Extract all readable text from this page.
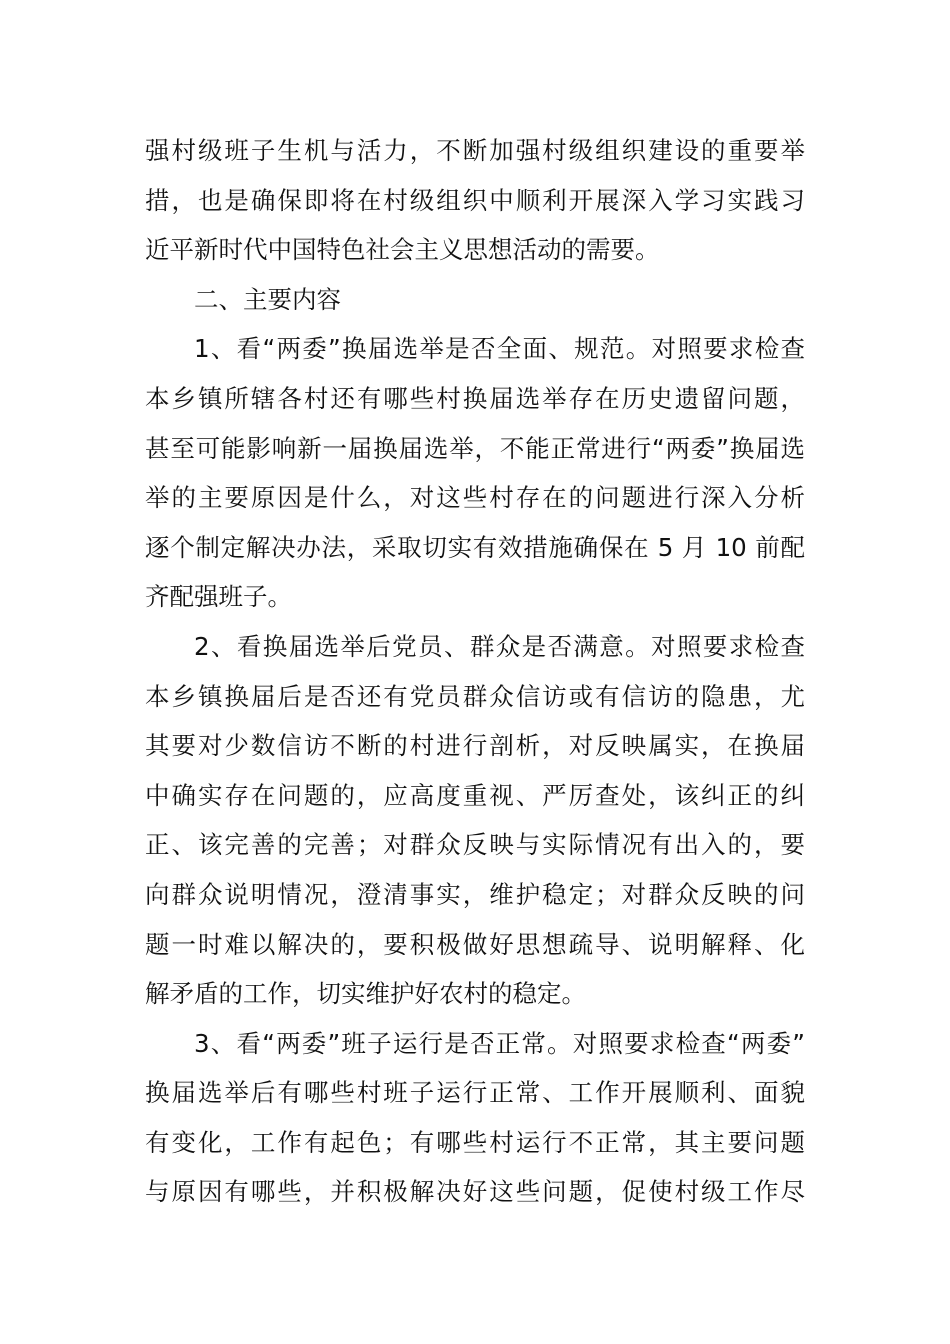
强村级班子生机与活力，不断加强村级组织建设的重要举
措，也是确保即将在村级组织中顺利开展深入学习实践习
近平新时代中国特色社会主义思想活动的需要。
二、主要内容
1、看“两委”换届选举是否全面、规范。对照要求检查
本乡镇所辖各村还有哪些村换届选举存在历史遗留问题，
甚至可能影响新一届换届选举，不能正常进行“两委”换届选
举的主要原因是什么，对这些村存在的问题进行深入分析
逐个制定解决办法，采取切实有效措施确保在 5 月 10 前配
齐配强班子。
2、看换届选举后党员、群众是否满意。对照要求检查
本乡镇换届后是否还有党员群众信访或有信访的隐患，尤
其要对少数信访不断的村进行剖析，对反映属实，在换届
中确实存在问题的，应高度重视、严厉查处，该纠正的纠
正、该完善的完善；对群众反映与实际情况有出入的，要
向群众说明情况，澄清事实，维护稳定；对群众反映的问
题一时难以解决的，要积极做好思想疏导、说明解释、化
解矛盾的工作，切实维护好农村的稳定。
3、看“两委”班子运行是否正常。对照要求检查“两委”
换届选举后有哪些村班子运行正常、工作开展顺利、面貌
有变化，工作有起色；有哪些村运行不正常，其主要问题
与原因有哪些，并积极解决好这些问题，促使村级工作尽
